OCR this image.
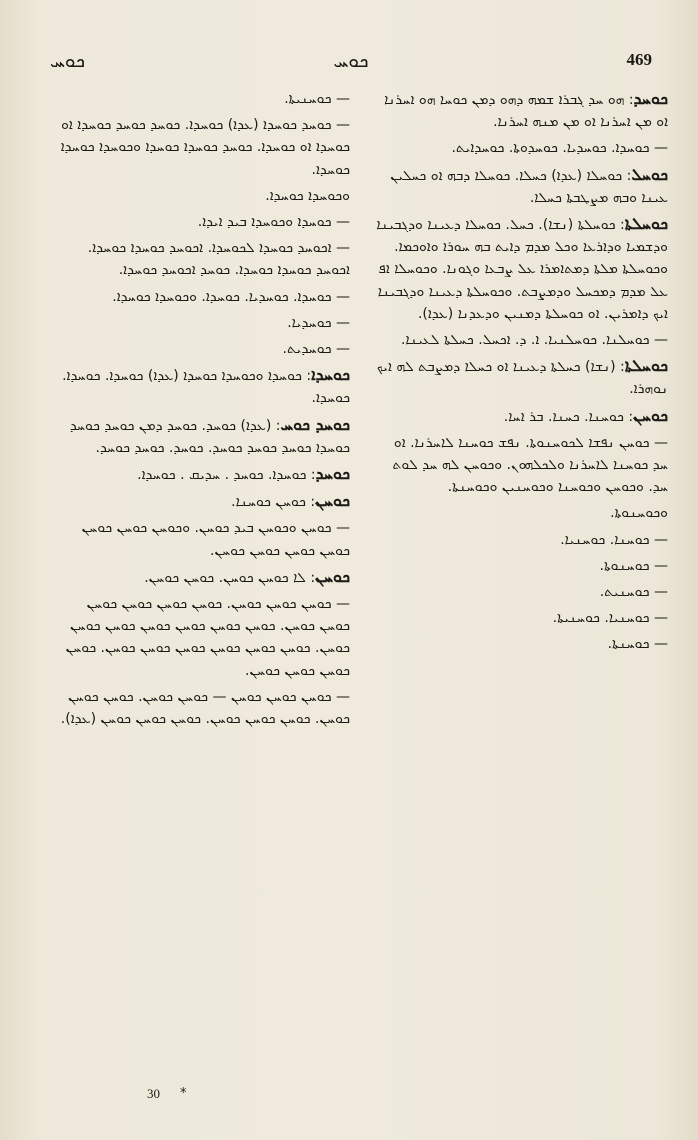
ܟܘܚ	ܟܘܚ	469
ܟܘܚܕ: ܗܘ ܚܕ ܓܒܪܐ ܫܡܗ ܕܗܘ ܕܡܢ ܟܘܚܐ ܗܘ ܐܚܪܢܐ ܐܘ ܡܢ ܐܚܪܢܐ ܐܘ ܡܢ ܡܢܗ ܐܚܪܢܐ.
— ܟܘܚܕܐ. ܟܘܚܕܝܐ. ܟܘܚܕܘܬܐ. ܟܘܚܕܐܝܬ.
ܟܘܚܠ: ܟܘܚܠܐ (ܥܕܐ) ܟܚܠܐ. ܟܘܚܠܐ ܕܒܗ ܐܘ ܟܚܠܝܢ ܥܝܢܐ ܘܒܗ ܡܨܛܒܬܐ ܟܚܠܐ.
ܟܘܚܠܬܐ: ܟܘܚܠܬܐ (ܢܫܐ). ܟܚܠ. ܟܘܚܠܐ ܕܥܝܢܐ ܘܕܓܒܝܢܐ ܘܕܫܡܝܐ ܘܕܐܪܥܐ ܘܟܠ ܡܕܡ ܕܐܝܬ ܒܗ ܚܘܪܐ ܘܐܘܟܡܐ. ܘܟܘܚܠܬܐ ܡܠܬܐ ܕܡܬܐܡܪܐ ܥܠ ܨܒܥܐ ܘܓܘܢܐ. ܘܟܘܚܠܐ ܐܦ ܥܠ ܡܕܡ ܕܡܟܚܠ ܘܕܡܨܒܬ. ܘܟܘܚܠܬܐ ܕܥܝܢܐ ܘܕܓܒܝܢܐ ܐܝܟ ܕܐܡܪܝܢ. ܐܘ ܟܘܚܠܬܐ ܕܡܢܝܢ ܘܕܥܕܢܐ (ܥܕܐ).
— ܟܘܚܠܢܐ. ܟܘܚܠܢܝܐ. ܐ. ܕ. ܐܟܚܠ. ܟܚܠܬܐ ܠܥܝܢܐ.
ܟܘܚܠܬܐ: (ܢܫܐ) ܟܚܠܬܐ ܕܥܝܢܐ ܐܘ ܟܚܠܐ ܕܡܨܒܬ ܠܗ ܐܝܟ ܢܘܗܪܐ.
ܟܘܚܢ: ܟܘܚܢܐ. ܟܚܢܐ. ܒܪ ܐܚܐ.
— ܟܘܚܢ ܢܦܫܐ ܠܟܘܚܢܘܬܐ. ܢܦܫ ܟܘܚܢܐ ܠܐܚܪܢܐ. ܐܘ ܚܕ ܟܘܚܢܐ ܠܐܚܪܢܐ ܘܠܟܠܗܘܢ. ܘܟܘܚܢ ܠܗ ܚܕ ܠܘܬ ܚܕ. ܘܟܘܚܢ ܘܟܘܚܢܐ ܘܟܘܚܢܝܢ ܘܟܘܚܢܬܐ.
ܘܟܘܚܢܘܬܐ.
— ܟܘܚܢܐ. ܟܘܚܢܝܐ.
— ܟܘܚܢܘܬܐ.
— ܟܘܚܢܝܬ.
— ܟܘܚܢܝܐ. ܟܘܚܢܝܬܐ.
— ܟܘܚܢܬܐ.
— ܟܘܚܢܝܬܐ.
— ܟܘܚܕ ܟܘܚܕܐ (ܥܕܐ) ܟܘܚܕܐ. ܟܘܚܕ ܟܘܚܕ ܟܘܚܕܐ ܐܘ ܟܘܚܕܐ ܐܘ ܟܘܚܕܐ. ܟܘܚܕ ܟܘܚܕܐ ܟܘܚܕܐ ܘܟܘܚܕܐ ܟܘܚܕܐ ܟܘܚܕܐ.
ܘܟܘܚܕܐ ܟܘܚܕܐ.
— ܟܘܚܕܐ ܘܟܘܚܕܐ ܒܝܕ ܐܝܕܐ.
— ܐܟܘܚܕ ܟܘܚܕܐ ܠܟܘܚܕܐ. ܐܟܘܚܕ ܟܘܚܕܐ ܟܘܚܕܐ. ܐܟܘܚܕ ܟܘܚܕܐ ܟܘܚܕܐ. ܟܘܚܕ ܐܟܘܚܕ ܟܘܚܕܐ.
— ܟܘܚܕܐ. ܟܘܚܕܝܐ. ܟܘܚܕܐ. ܘܟܘܚܕܐ ܟܘܚܕܐ.
— ܟܘܚܕܝܐ.
— ܟܘܚܕܝܬ.
ܟܘܚܕܐ: ܟܘܚܕܐ ܘܟܘܚܕܐ ܟܘܚܕܐ (ܥܕܐ) ܟܘܚܕܐ. ܟܘܚܕܐ. ܟܘܚܕܐ.
ܟܘܚܕ ܟܘܚ: (ܥܕܐ) ܟܘܚܕ. ܟܘܚܕ ܕܡܢ ܟܘܚܕ ܟܘܚܕ ܟܘܚܕܐ ܟܘܚܕ ܟܘܚܕ ܟܘܚܕ. ܟܘܚܕ. ܟܘܚܕ ܟܘܚܕ.
ܟܘܚܕ: ܟܘܚܕܐ. ܟܘܚܕ . ܚܕܝܩ . ܟܘܚܕܐ.
ܟܘܚܢ: ܟܘܚܢ ܟܘܚܢܐ.
— ܟܘܚܢ ܘܟܘܚܢ ܒܝܕ ܟܘܚܢ. ܘܟܘܚܢ ܟܘܚܢ ܟܘܚܢ ܟܘܚܢ ܟܘܚܢ ܟܘܚܢ ܟܘܚܢ.
ܟܘܚܢ: ܠܐ ܟܘܚܢ ܟܘܚܢ. ܟܘܚܢ ܟܘܚܢ.
— ܟܘܚܢ ܟܘܚܢ ܟܘܚܢ. ܟܘܚܢ ܟܘܚܢ ܟܘܚܢ ܟܘܚܢ ܟܘܚܢ ܟܘܚܢ. ܟܘܚܢ ܟܘܚܢ ܟܘܚܢ ܟܘܚܢ ܟܘܚܢ ܟܘܚܢ ܟܘܚܢ. ܟܘܚܢ ܟܘܚܢ ܟܘܚܢ ܟܘܚܢ ܟܘܚܢ ܟܘܚܢ. ܟܘܚܢ ܟܘܚܢ ܟܘܚܢ ܟܘܚܢ.
— ܟܘܚܢ ܟܘܚܢ ܟܘܚܢ — ܟܘܚܢ ܟܘܚܢ. ܟܘܚܢ ܟܘܚܢ ܟܘܚܢ. ܟܘܚܢ ܟܘܚܢ ܟܘܚܢ. ܟܘܚܢ ܟܘܚܢ ܟܘܚܢ (ܥܕܐ).
30 *
